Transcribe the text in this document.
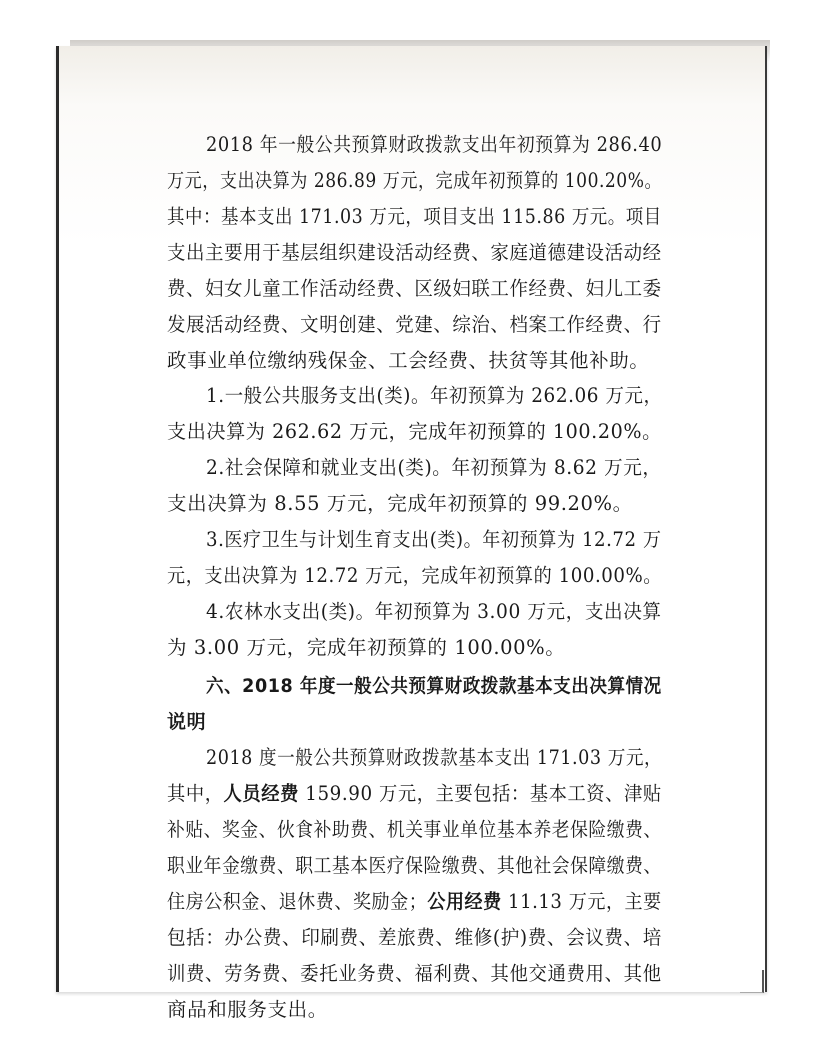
2018 年一般公共预算财政拨款支出年初预算为 286.40
万元，支出决算为 286.89 万元，完成年初预算的 100.20%。
其中：基本支出 171.03 万元，项目支出 115.86 万元。项目
支出主要用于基层组织建设活动经费、家庭道德建设活动经
费、妇女儿童工作活动经费、区级妇联工作经费、妇儿工委
发展活动经费、文明创建、党建、综治、档案工作经费、行
政事业单位缴纳残保金、工会经费、扶贫等其他补助。
1.一般公共服务支出(类)。年初预算为 262.06 万元，
支出决算为 262.62 万元，完成年初预算的 100.20%。
2.社会保障和就业支出(类)。年初预算为 8.62 万元，
支出决算为 8.55 万元，完成年初预算的 99.20%。
3.医疗卫生与计划生育支出(类)。年初预算为 12.72 万
元，支出决算为 12.72 万元，完成年初预算的 100.00%。
4.农林水支出(类)。年初预算为 3.00 万元，支出决算
为 3.00 万元，完成年初预算的 100.00%。
六、2018 年度一般公共预算财政拨款基本支出决算情况
说明
2018 度一般公共预算财政拨款基本支出 171.03 万元，
其中，人员经费 159.90 万元，主要包括：基本工资、津贴
补贴、奖金、伙食补助费、机关事业单位基本养老保险缴费、
职业年金缴费、职工基本医疗保险缴费、其他社会保障缴费、
住房公积金、退休费、奖励金；公用经费 11.13 万元，主要
包括：办公费、印刷费、差旅费、维修(护)费、会议费、培
训费、劳务费、委托业务费、福利费、其他交通费用、其他
商品和服务支出。
